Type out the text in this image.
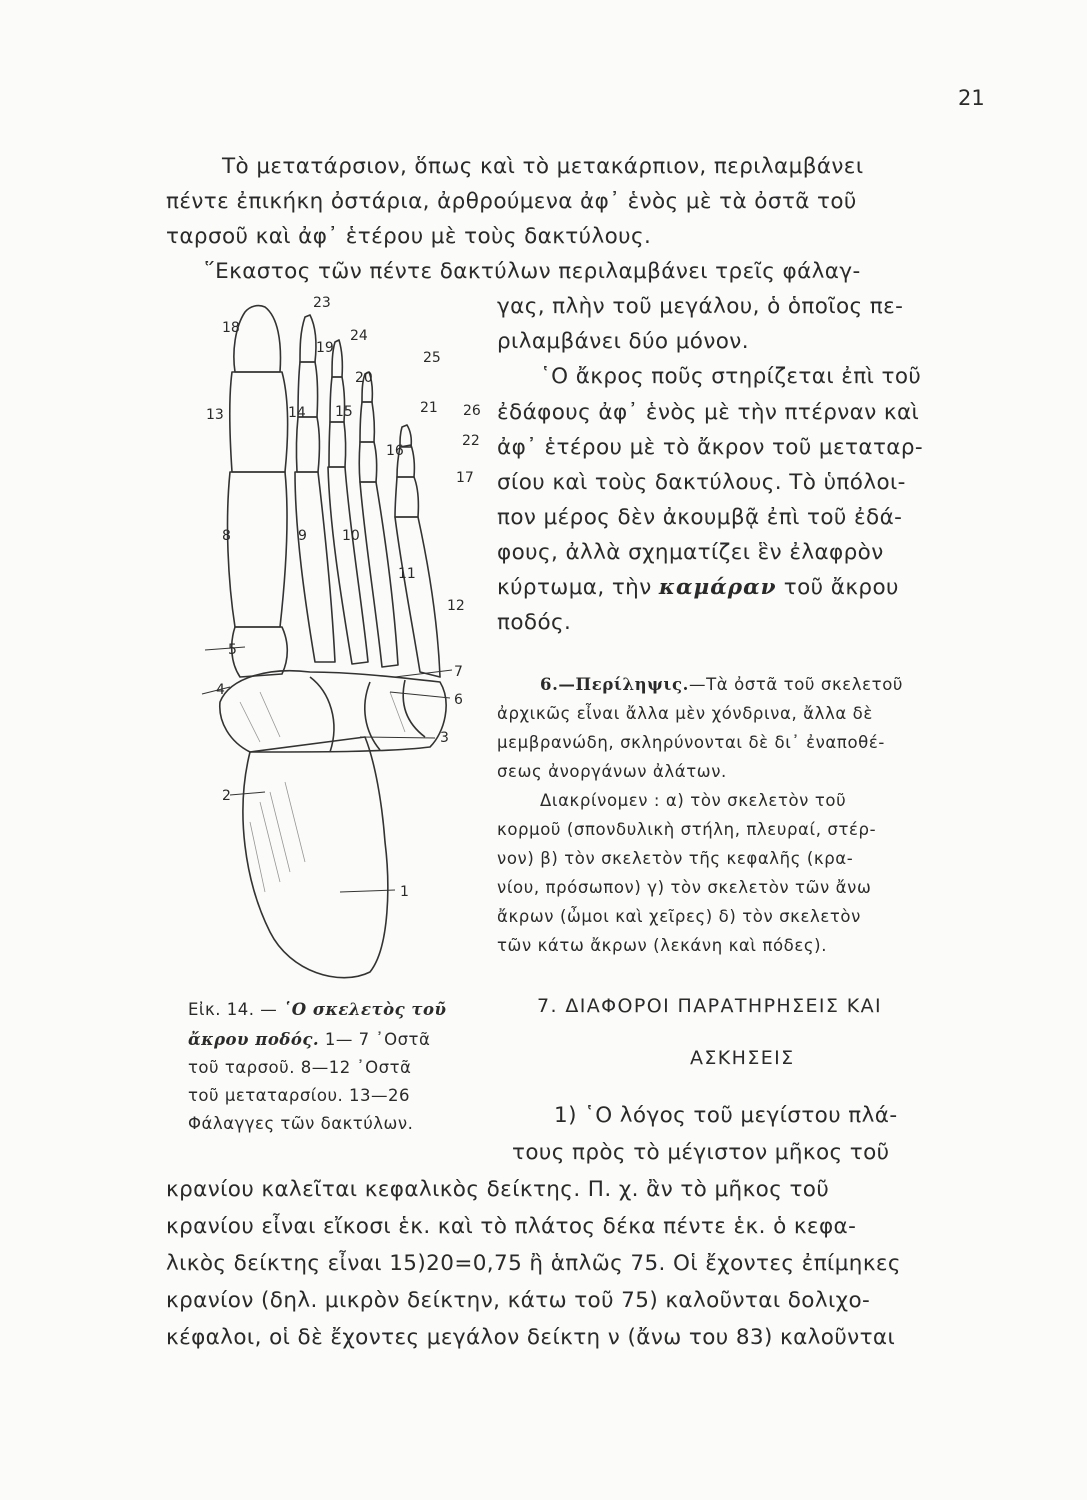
21
Τὸ μετατάρσιον, ὅπως καὶ τὸ μετακάρπιον, περιλαμβάνει
πέντε ἐπικήκη ὀστάρια, ἀρθρούμενα ἀφ᾽ ἑνὸς μὲ τὰ ὀστᾶ τοῦ
ταρσοῦ καὶ ἀφ᾽ ἑτέρου μὲ τοὺς δακτύλους.
῞Εκαστος τῶν πέντε δακτύλων περιλαμβάνει τρεῖς φάλαγ-
γας, πλὴν τοῦ μεγάλου, ὁ ὁποῖος πε-
ριλαμβάνει δύο μόνον.
῾Ο ἄκρος ποῦς στηρίζεται ἐπὶ τοῦ
ἐδάφους ἀφ᾽ ἑνὸς μὲ τὴν πτέρναν καὶ
ἀφ᾽ ἑτέρου μὲ τὸ ἄκρον τοῦ μεταταρ-
σίου καὶ τοὺς δακτύλους. Τὸ ὑπόλοι-
πον μέρος δὲν ἀκουμβᾷ ἐπὶ τοῦ ἐδά-
φους, ἀλλὰ σχηματίζει ἓν ἐλαφρὸν
κύρτωμα, τὴν καμάραν τοῦ ἄκρου
ποδός.
6.—Περίληψις.—Τὰ ὀστᾶ τοῦ σκελετοῦ
ἀρχικῶς εἶναι ἄλλα μὲν χόνδρινα, ἄλλα δὲ
μεμβρανώδη, σκληρύνονται δὲ δι᾽ ἐναποθέ-
σεως ἀνοργάνων ἀλάτων.
Διακρίνομεν : α) τὸν σκελετὸν τοῦ
κορμοῦ (σπονδυλικὴ στήλη, πλευραί, στέρ-
νον) β) τὸν σκελετὸν τῆς κεφαλῆς (κρα-
νίου, πρόσωπον) γ) τὸν σκελετὸν τῶν ἄνω
ἄκρων (ὦμοι καὶ χεῖρες) δ) τὸν σκελετὸν
τῶν κάτω ἄκρων (λεκάνη καὶ πόδες).
7. ΔΙΑΦΟΡΟΙ ΠΑΡΑΤΗΡΗΣΕΙΣ ΚΑΙ
ΑΣΚΗΣΕΙΣ
Εἰκ. 14. — ῾Ο σκελετὸς τοῦ
ἄκρου ποδός. 1— 7 ᾽Οστᾶ
τοῦ ταρσοῦ. 8—12 ᾽Οστᾶ
τοῦ μεταταρσίου. 13—26
Φάλαγγες τῶν δακτύλων.	1) ῾Ο λόγος τοῦ μεγίστου πλά-
τους πρὸς τὸ μέγιστον μῆκος τοῦ
κρανίου καλεῖται κεφαλικὸς δείκτης. Π. χ. ἂν τὸ μῆκος τοῦ
κρανίου εἶναι εἴκοσι ἑκ. καὶ τὸ πλάτος δέκα πέντε ἑκ. ὁ κεφα-
λικὸς δείκτης εἶναι 15)20=0,75 ἢ ἁπλῶς 75. Οἱ ἔχοντες ἐπίμηκες
κρανίον (δηλ. μικρὸν δείκτην, κάτω τοῦ 75) καλοῦνται δολιχο-
κέφαλοι, οἱ δὲ ἔχοντες μεγάλον δείκτη ν (ἄνω του 83) καλοῦνται
18
23
19
24
20
25
13	14 15	21 26
22
16
17
8	9	10
11
12
5
4
7
6
3
2
1
